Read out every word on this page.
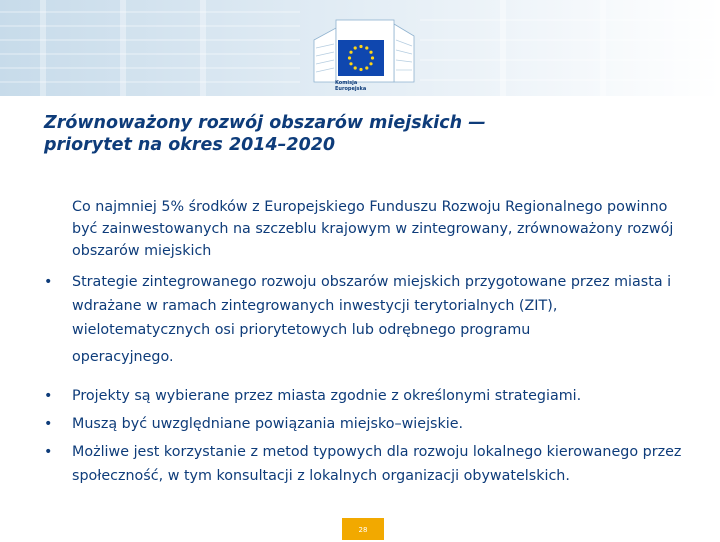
Komisja
Europejska
Zrównoważony rozwój obszarów miejskich —
priorytet na okres 2014–2020
Co najmniej 5% środków z Europejskiego Funduszu Rozwoju Regionalnego powinno być zainwestowanych na szczeblu krajowym w zintegrowany, zrównoważony rozwój obszarów miejskich
•	Strategie zintegrowanego rozwoju obszarów miejskich przygotowane przez miasta i wdrażane w ramach zintegrowanych inwestycji terytorialnych (ZIT), wielotematycznych osi priorytetowych lub odrębnego programu
operacyjnego.
•	Projekty są wybierane przez miasta zgodnie z określonymi strategiami.
•	Muszą być uwzględniane powiązania miejsko–wiejskie.
•	Możliwe jest korzystanie z metod typowych dla rozwoju lokalnego kierowanego przez społeczność, w tym konsultacji z lokalnych organizacji obywatelskich.
28
